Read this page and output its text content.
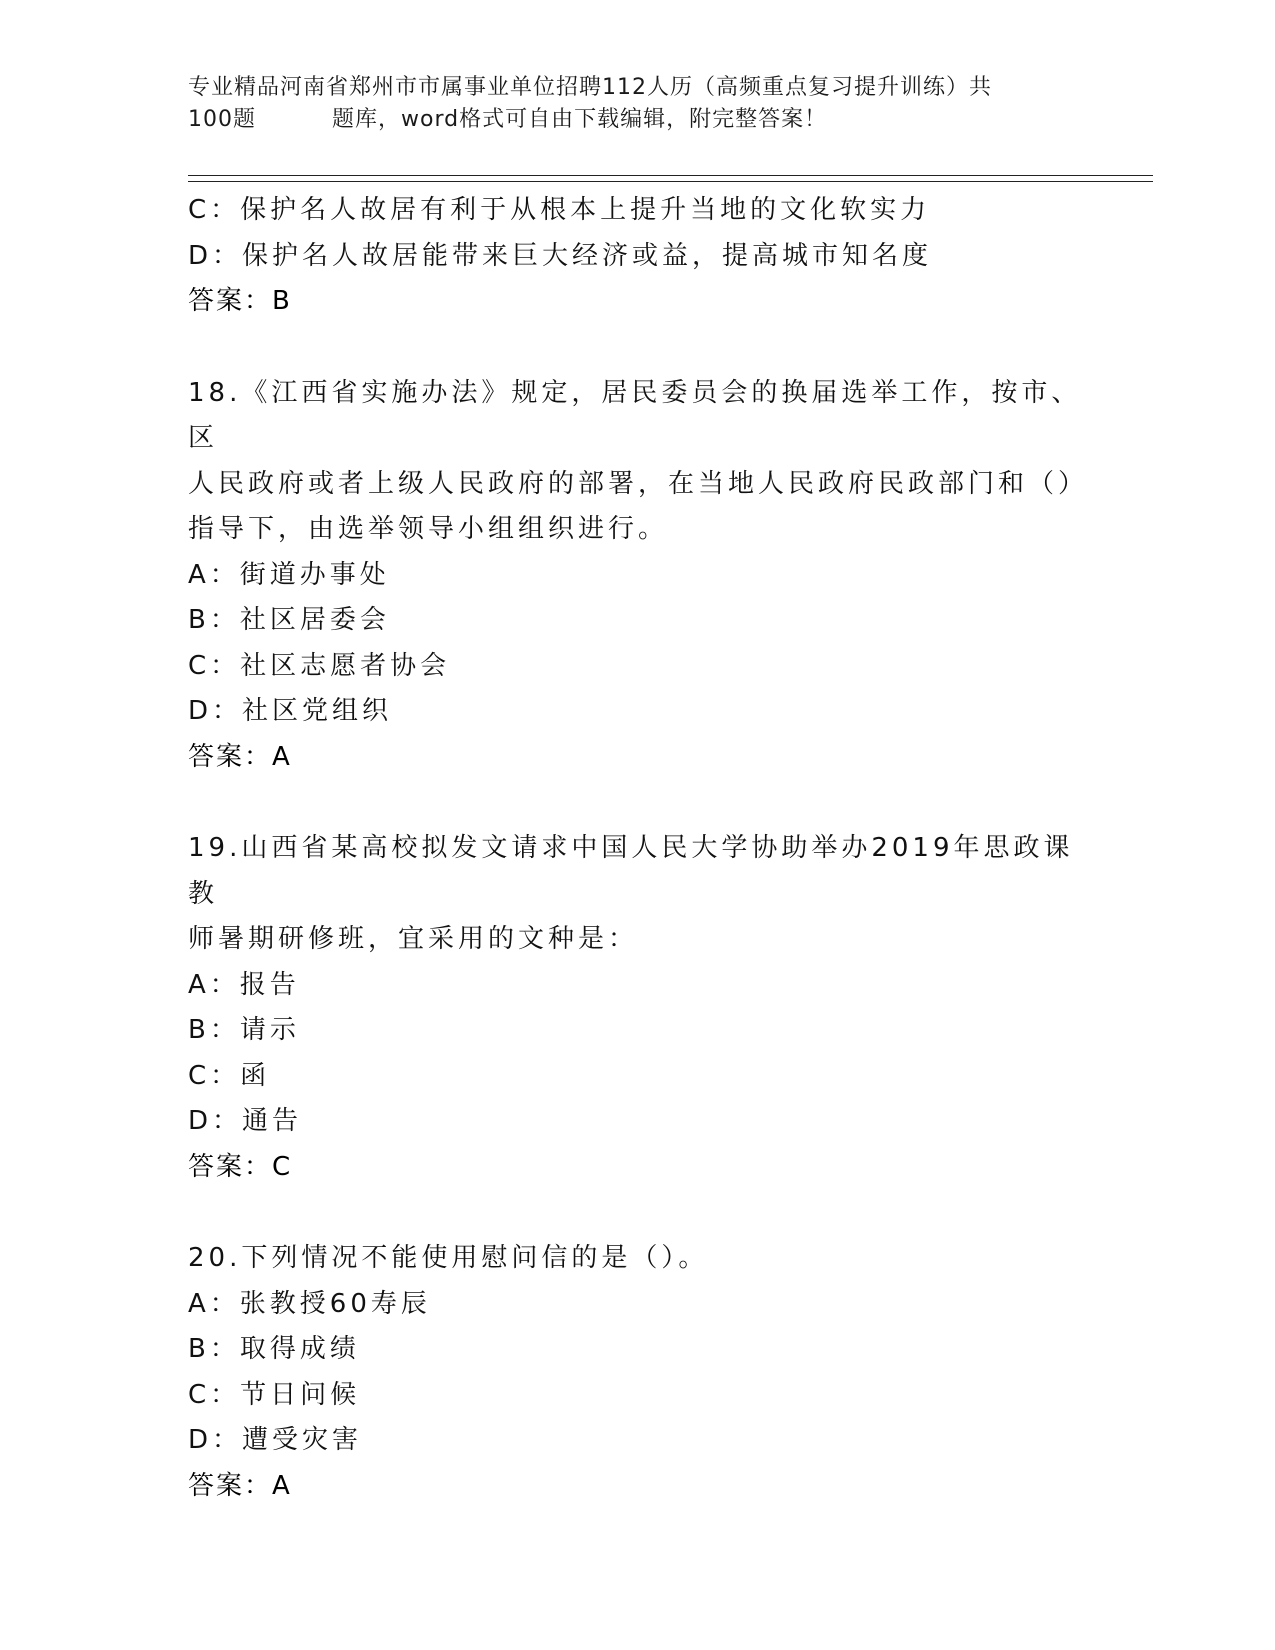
专业精品河南省郑州市市属事业单位招聘112人历（高频重点复习提升训练）共
100题	题库，word格式可自由下载编辑，附完整答案！
C：保护名人故居有利于从根本上提升当地的文化软实力
D：保护名人故居能带来巨大经济或益，提高城市知名度
答案：B
18.《江西省实施办法》规定，居民委员会的换届选举工作，按市、区
人民政府或者上级人民政府的部署，在当地人民政府民政部门和（）
指导下，由选举领导小组组织进行。
A：街道办事处
B：社区居委会
C：社区志愿者协会
D：社区党组织
答案：A
19.山西省某高校拟发文请求中国人民大学协助举办2019年思政课教
师暑期研修班，宜采用的文种是：
A：报告
B：请示
C：函
D：通告
答案：C
20.下列情况不能使用慰问信的是（）。
A：张教授60寿辰
B：取得成绩
C：节日问候
D：遭受灾害
答案：A
